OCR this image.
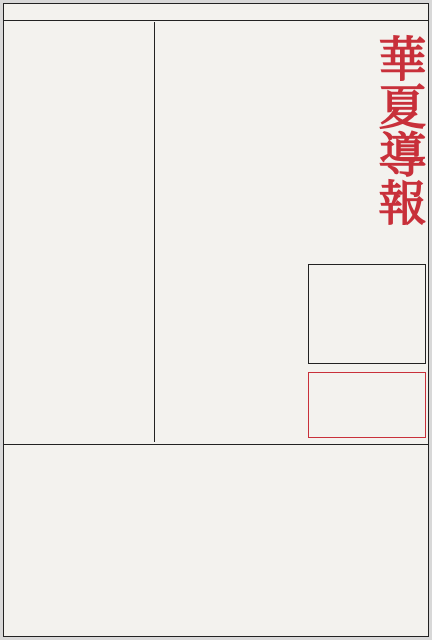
華夏導報
